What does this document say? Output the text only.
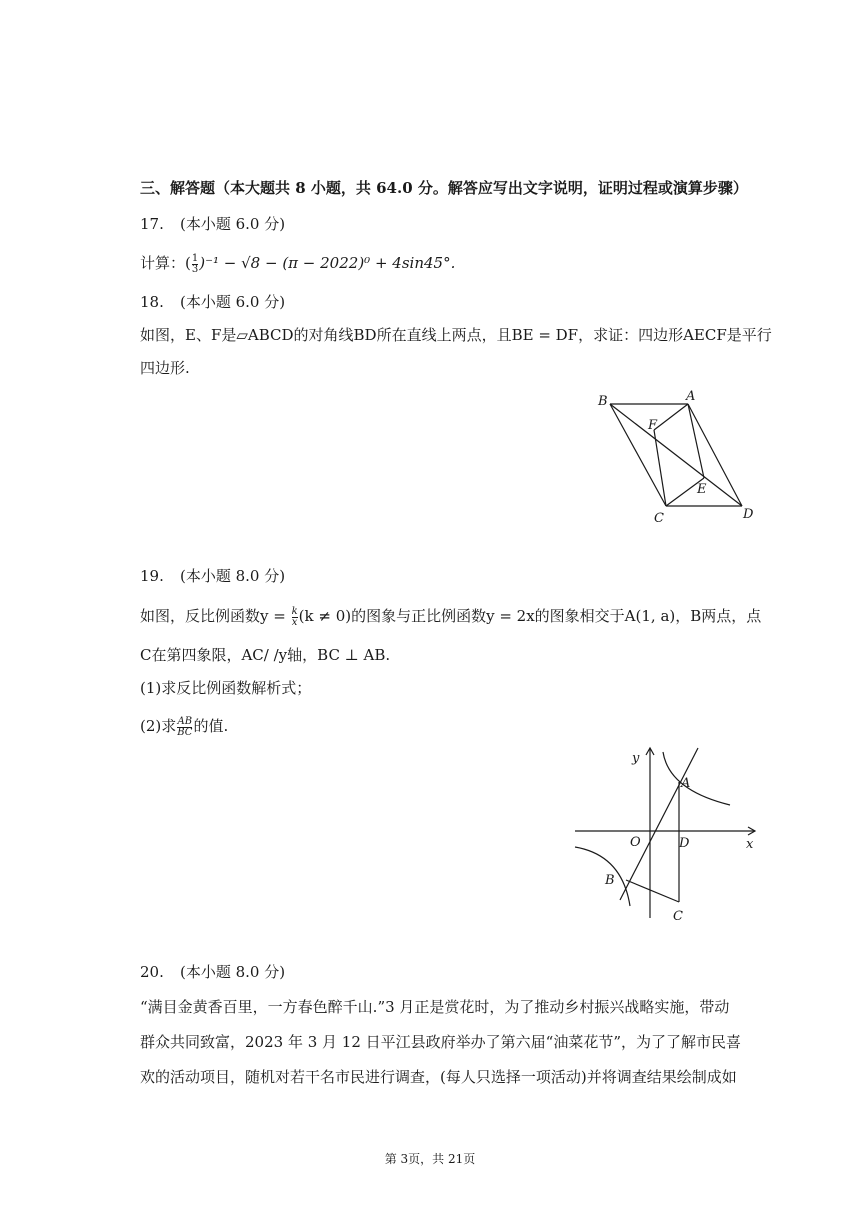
三、解答题（本大题共 8 小题，共 64.0 分。解答应写出文字说明，证明过程或演算步骤）
17. (本小题 6.0 分)
计算：( $\frac{1}{3} )^{-1} - √8 - (\pi - 2022)^0 + 4\sin 45^\circ$.
18. (本小题 6.0 分)
如图，E、F是▱ABCD的对角线BD所在直线上两点，且BE = DF，求证：四边形AECF是平行
四边形.
B	A
F
E
C	D
19. (本小题 8.0 分)
如图，反比例函数$y = \frac{k}{x} (k \ne 0)$的图象与正比例函数y = 2x的图象相交于A(1, a)，B两点，点
C在第四象限，AC/ /y轴，BC ⊥ AB.
(1)求反比例函数解析式；
(2)求 $\frac{AB}{BC}$ 的值.
y
x
O
A
D
B
C
20. (本小题 8.0 分)
“满目金黄香百里，一方春色醉千山.”3 月正是赏花时，为了推动乡村振兴战略实施，带动
群众共同致富，2023 年 3 月 12 日平江县政府举办了第六届“油菜花节”，为了了解市民喜
欢的活动项目，随机对若干名市民进行调查，(每人只选择一项活动)并将调查结果绘制成如
第 3页，共 21页
